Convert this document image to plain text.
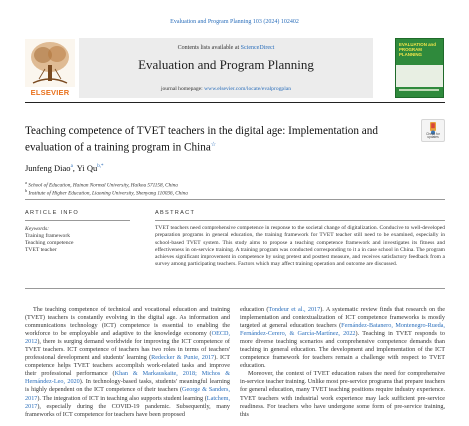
Evaluation and Program Planning 103 (2024) 102402
ELSEVIER
Contents lists available at ScienceDirect
Evaluation and Program Planning
journal homepage: www.elsevier.com/locate/evalprogplan
EVALUATION and PROGRAM PLANNING
Teaching competence of TVET teachers in the digital age: Implementation and evaluation of a training program in China☆
Check for updates
Junfeng Diao$^a$, Yi $Qu^{b,*}$
$^a$ School of Education, Hainan Normal University, Haikou 571158, China
$^b$ Institute of Higher Education, Liaoning University, Shenyang 110036, China
ARTICLE INFO
Keywords:
Training framework
Teaching competence
TVET teacher
ABSTRACT
TVET teachers need comprehensive competence in response to the societal change of digitalization. Conducive to well-developed preparation programs in general education, the training framework for TVET teacher still need to be examined, especially in school-based TVET system. This study aims to propose a teaching competence framework and investigates its fitness and effectiveness in on-service training. A training program was conducted corresponding to it a in case school in China. The program achieves significant improvement in competence by using pretest and posttest measure, and receives satisfactory feedback from a survey among participating teachers. Factors which may affect training operation and outcome are discussed.
The teaching competence of technical and vocational education and training (TVET) teachers is constantly evolving in the digital age. As information and communications technology (ICT) competence is essential to enabling the workforce to be employable and adaptive to the knowledge economy (OECD, 2012), there is surging demand worldwide for improving the ICT competence of TVET teachers. ICT competence of teachers has two roles in terms of teachers' professional development and students' learning (Redecker & Punie, 2017). ICT competence helps TVET teachers accomplish work-related tasks and improve their professional performance (Khan & Markauskaite, 2018; Michos & Hernández-Leo, 2020). In technology-based tasks, students' meaningful learning is highly dependent on the ICT competence of their teachers (George & Sanders, 2017). The integration of ICT in teaching also supports student learning (Latchem, 2017), especially during the COVID-19 pandemic. Subsequently, many frameworks of ICT competence for teachers have been proposed
education (Tondeur et al., 2017). A systematic review finds that research on the implementation and contextualization of ICT competence frameworks is mostly targeted at general education teachers (Fernández-Batanero, Montenegro-Rueda, Fernández-Cerero, & García-Martínez, 2022). Teaching in TVET responds to more diverse teaching scenarios and comprehensive competence demands than teaching in general education. The development and implementation of the ICT competence framework for teachers remain a challenge with respect to TVET education.
Moreover, the context of TVET education raises the need for comprehensive in-service teacher training. Unlike most pre-service programs that prepare teachers for general education, many TVET teaching positions require industry experience. TVET teachers with industrial work experience may lack sufficient pre-service readiness. For teachers who have undergone some form of pre-service training, this
